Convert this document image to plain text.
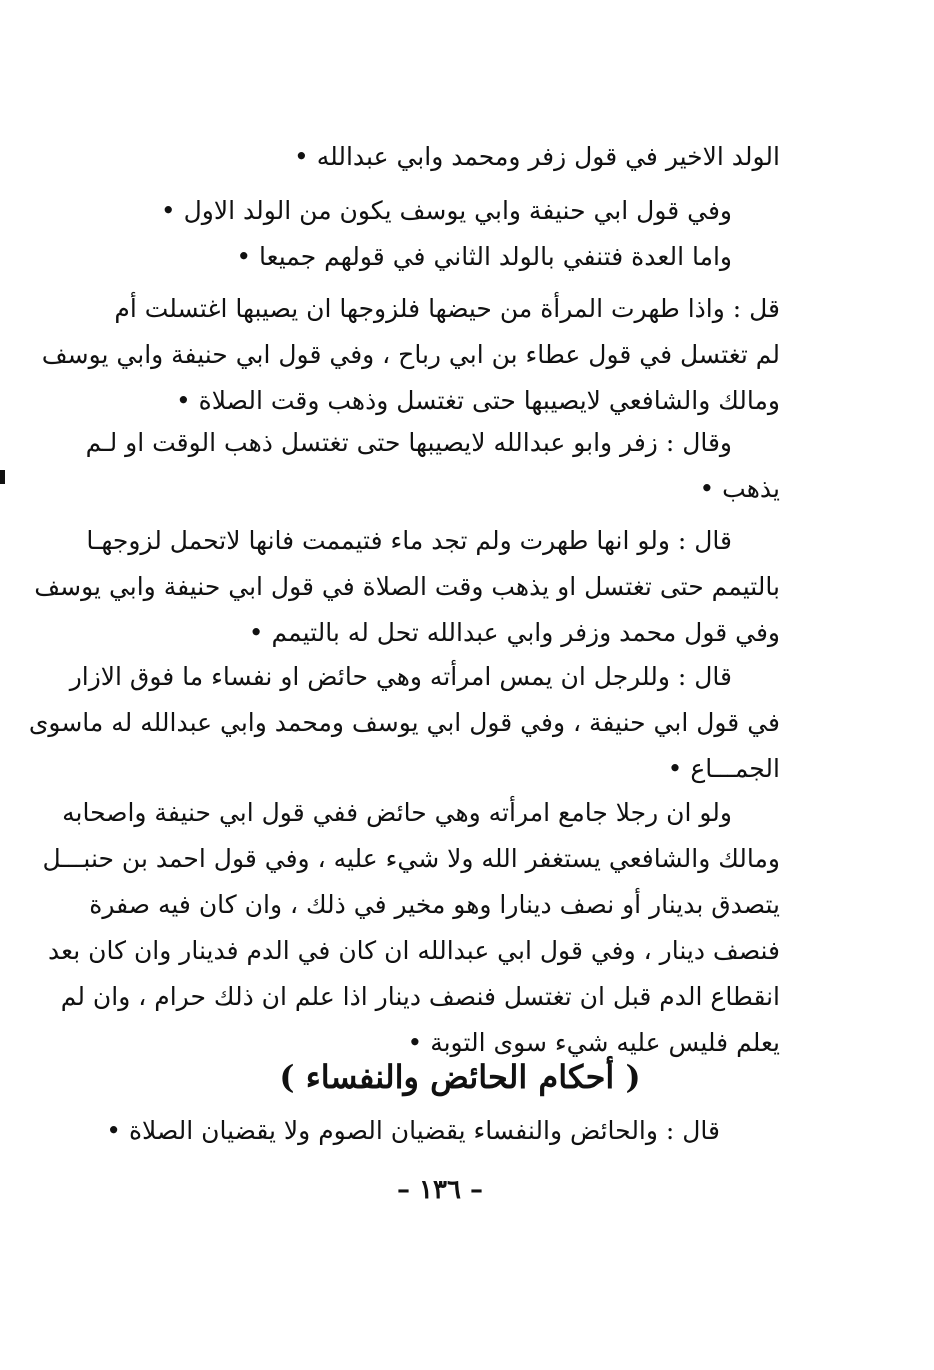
الولد الاخير في قول زفر ومحمد وابي عبدالله •
وفي قول ابي حنيفة وابي يوسف يكون من الولد الاول •
واما العدة فتنفي بالولد الثاني في قولهم جميعا •
قل : واذا طهرت المرأة من حيضها فلزوجها ان يصيبها اغتسلت أم
لم تغتسل في قول عطاء بن ابي رباح ، وفي قول ابي حنيفة وابي يوسف
ومالك والشافعي لايصيبها حتى تغتسل وذهب وقت الصلاة •
وقال : زفر وابو عبدالله لايصيبها حتى تغتسل ذهب الوقت او لـم
يذهب •
قال : ولو انها طهرت ولم تجد ماء فتيممت فانها لاتحمل لزوجهـا
بالتيمم حتى تغتسل او يذهب وقت الصلاة في قول ابي حنيفة وابي يوسف
وفي قول محمد وزفر وابي عبدالله تحل له بالتيمم •
قال : وللرجل ان يمس امرأته وهي حائض او نفساء ما فوق الازار
في قول ابي حنيفة ، وفي قول ابي يوسف ومحمد وابي عبدالله له ماسوى
الجمـــاع •
ولو ان رجلا جامع امرأته وهي حائض ففي قول ابي حنيفة واصحابه
ومالك والشافعي يستغفر الله ولا شيء عليه ، وفي قول احمد بن حنبـــل
يتصدق بدينار أو نصف دينارا وهو مخير في ذلك ، وان كان فيه صفرة
فنصف دينار ، وفي قول ابي عبدالله ان كان في الدم فدينار وان كان بعد
انقطاع الدم قبل ان تغتسل فنصف دينار اذا علم ان ذلك حرام ، وان لم
يعلم فليس عليه شيء سوى التوبة •
قال : والحائض والنفساء يقضيان الصوم ولا يقضيان الصلاة •
( أحكام الحائض والنفساء )
– ١٣٦ –
